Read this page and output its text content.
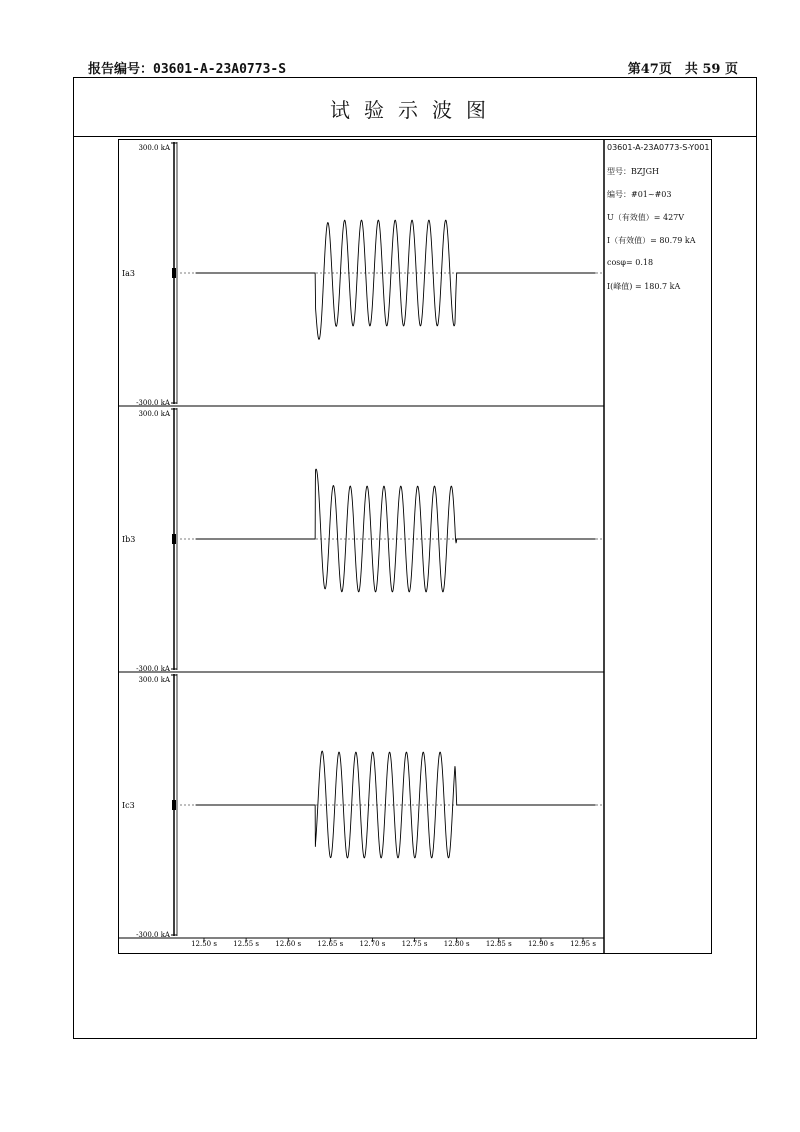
报告编号：03601-A-23A0773-S	第47页　共 59 页
试验示波图
300.0 kA
-300.0 kA
Ia3
300.0 kA
-300.0 kA
Ib3
300.0 kA
-300.0 kA
Ic3
12.50 s 12.55 s 12.60 s 12.65 s 12.70 s 12.75 s 12.80 s 12.85 s 12.90 s 12.95 s
03601-A-23A0773-S-Y001
型号：BZJGH
编号：#01~#03
U（有效值）= 427V
I（有效值）= 80.79 kA
cosφ= 0.18
I(峰值) = 180.7 kA
